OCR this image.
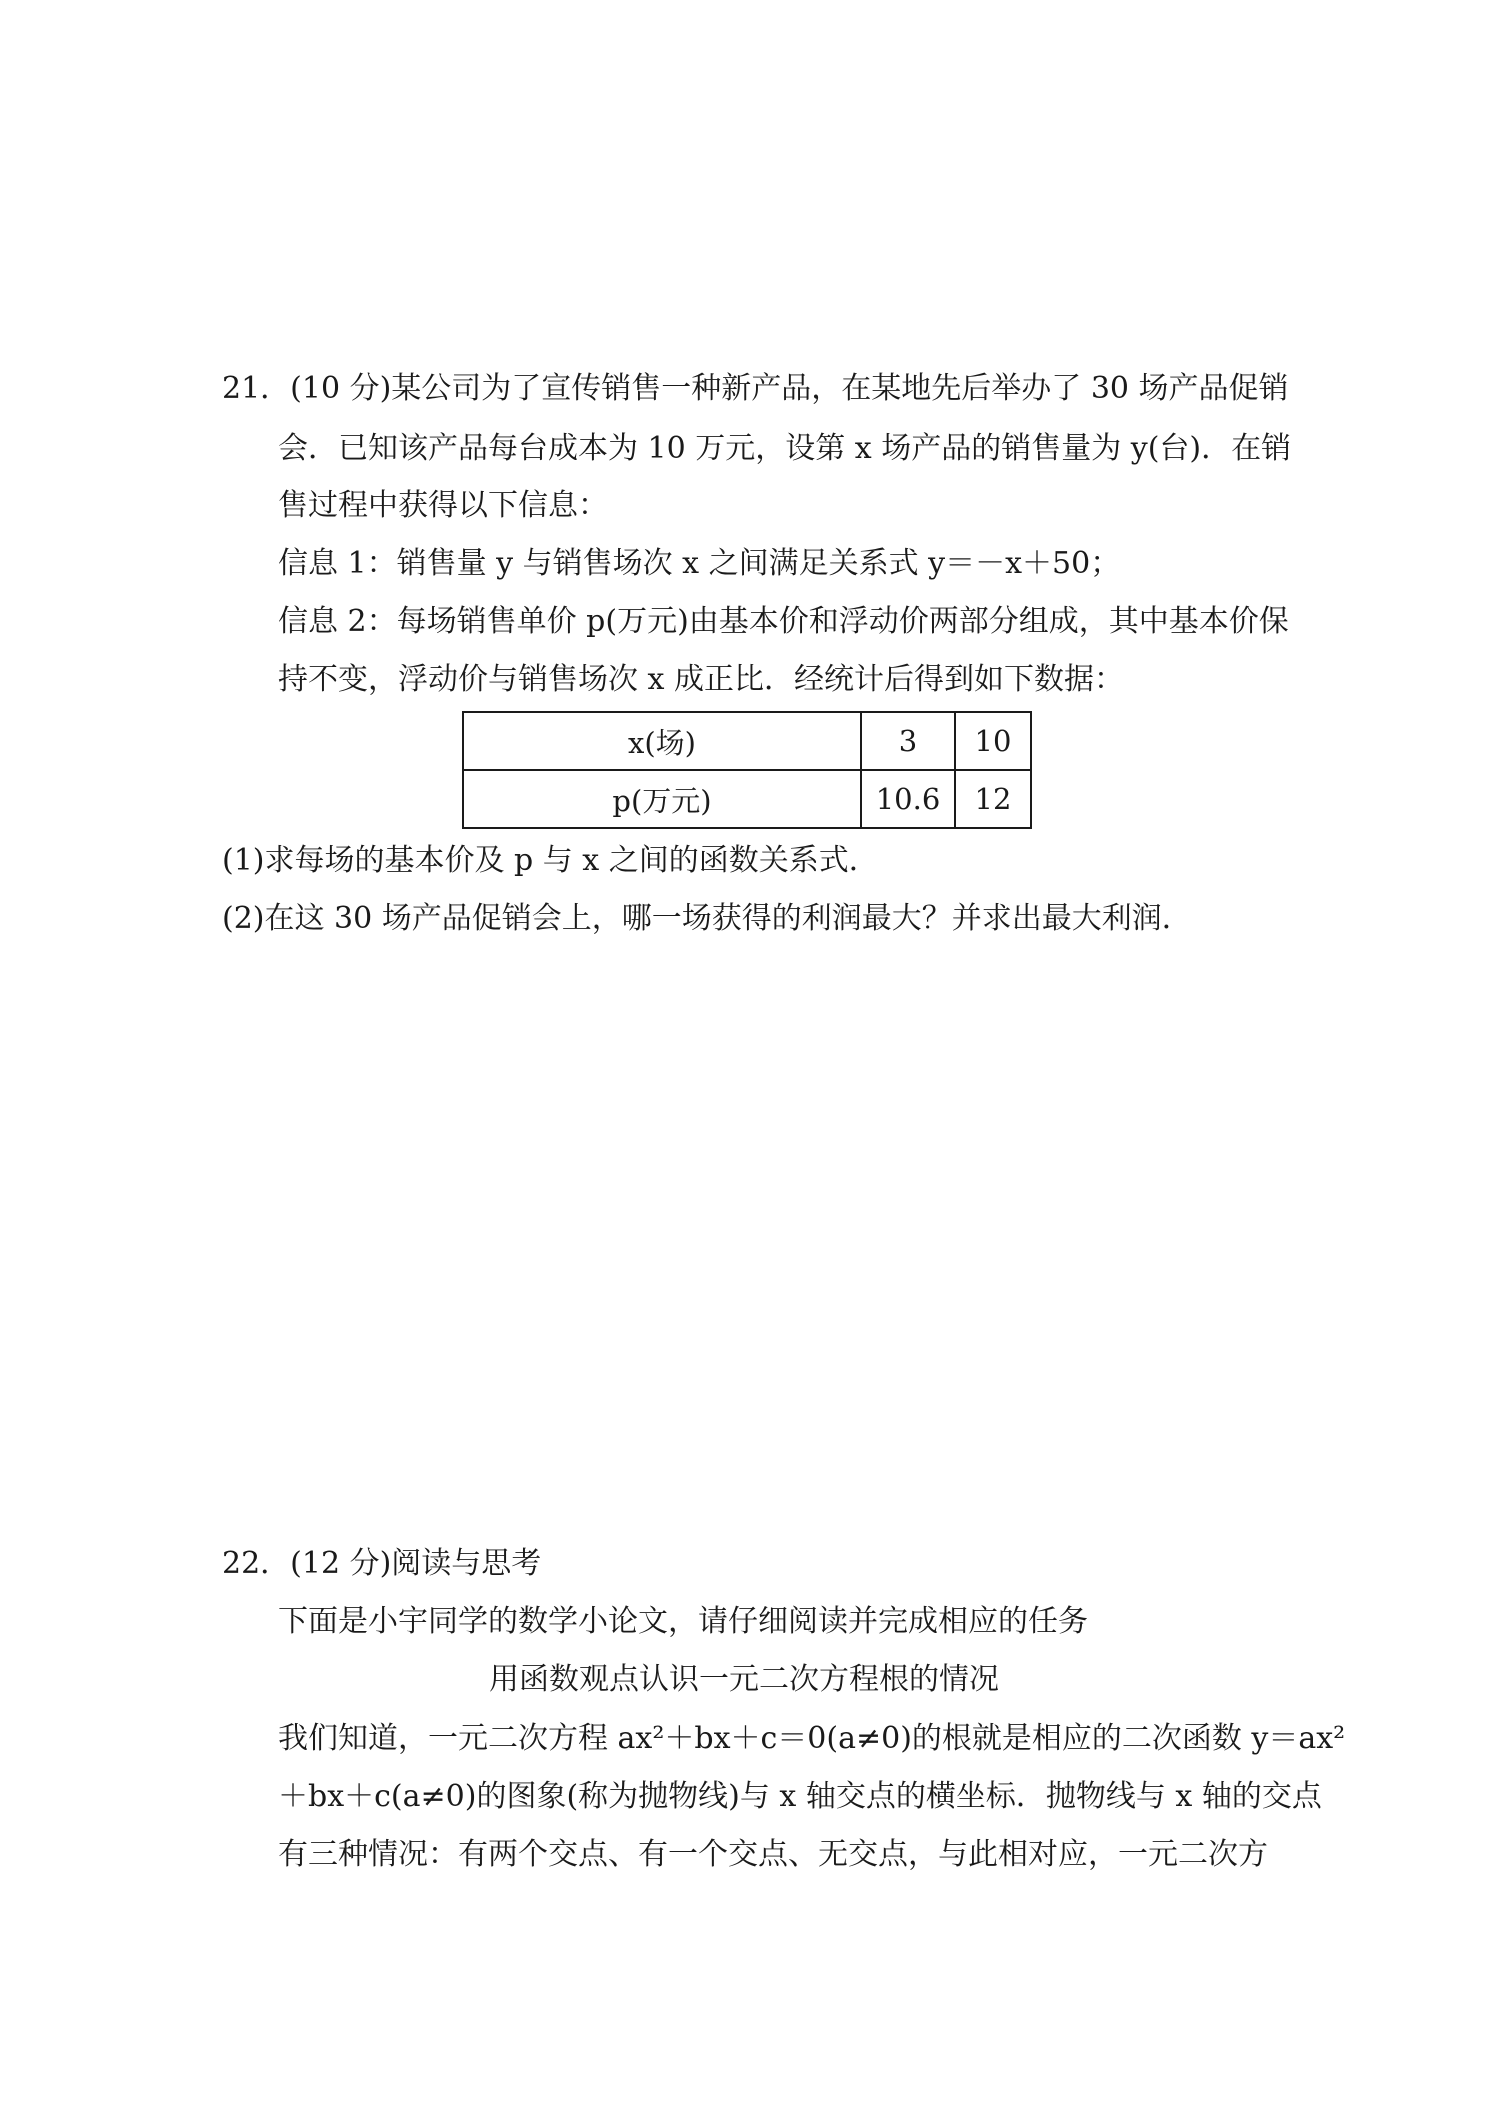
21．(10 分)某公司为了宣传销售一种新产品，在某地先后举办了 30 场产品促销
会．已知该产品每台成本为 10 万元，设第 x 场产品的销售量为 y(台)．在销
售过程中获得以下信息：
信息 1：销售量 y 与销售场次 x 之间满足关系式 y＝－x＋50；
信息 2：每场销售单价 p(万元)由基本价和浮动价两部分组成，其中基本价保
持不变，浮动价与销售场次 x 成正比．经统计后得到如下数据：
x(场)	3	10
p(万元)	10.6	12
(1)求每场的基本价及 p 与 x 之间的函数关系式．
(2)在这 30 场产品促销会上，哪一场获得的利润最大？并求出最大利润．
22．(12 分)阅读与思考
下面是小宇同学的数学小论文，请仔细阅读并完成相应的任务
用函数观点认识一元二次方程根的情况
我们知道，一元二次方程 ax²＋bx＋c＝0(a≠0)的根就是相应的二次函数 y＝ax²
＋bx＋c(a≠0)的图象(称为抛物线)与 x 轴交点的横坐标．抛物线与 x 轴的交点
有三种情况：有两个交点、有一个交点、无交点，与此相对应，一元二次方
